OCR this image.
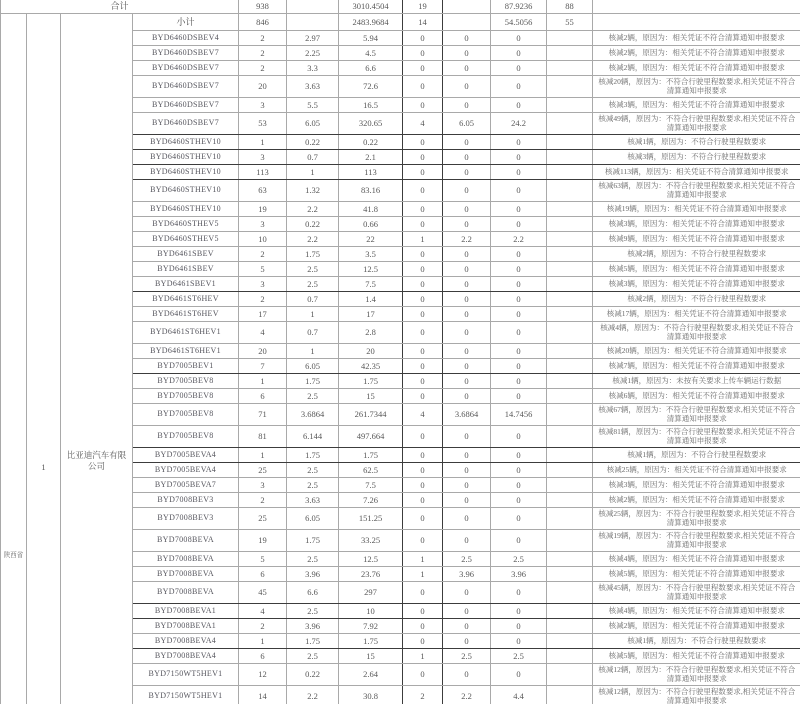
合计				938		3010.4504	19		87.9236	88	

陕西省	1	比亚迪汽车有限公司	小计	846		2483.9684	14		54.5056	55	
			BYD6460DSBEV4	2	2.97	5.94	0	0	0		核减2辆，原因为：相关凭证不符合清算通知申报要求
			BYD6460DSBEV7	2	2.25	4.5	0	0	0		核减2辆，原因为：相关凭证不符合清算通知申报要求
			BYD6460DSBEV7	2	3.3	6.6	0	0	0		核减2辆，原因为：相关凭证不符合清算通知申报要求
			BYD6460DSBEV7	20	3.63	72.6	0	0	0		核减20辆，原因为：不符合行驶里程数要求,相关凭证不符合清算通知申报要求
			BYD6460DSBEV7	3	5.5	16.5	0	0	0		核减3辆，原因为：相关凭证不符合清算通知申报要求
			BYD6460DSBEV7	53	6.05	320.65	4	6.05	24.2		核减49辆，原因为：不符合行驶里程数要求,相关凭证不符合清算通知申报要求
			BYD6460STHEV10	1	0.22	0.22	0	0	0		核减1辆，原因为：不符合行驶里程数要求
			BYD6460STHEV10	3	0.7	2.1	0	0	0		核减3辆，原因为：不符合行驶里程数要求
			BYD6460STHEV10	113	1	113	0	0	0		核减113辆，原因为：相关凭证不符合清算通知申报要求
			BYD6460STHEV10	63	1.32	83.16	0	0	0		核减63辆，原因为：不符合行驶里程数要求,相关凭证不符合清算通知申报要求
			BYD6460STHEV10	19	2.2	41.8	0	0	0		核减19辆，原因为：相关凭证不符合清算通知申报要求
			BYD6460STHEV5	3	0.22	0.66	0	0	0		核减3辆，原因为：相关凭证不符合清算通知申报要求
			BYD6460STHEV5	10	2.2	22	1	2.2	2.2		核减9辆，原因为：相关凭证不符合清算通知申报要求
			BYD6461SBEV	2	1.75	3.5	0	0	0		核减2辆，原因为：不符合行驶里程数要求
			BYD6461SBEV	5	2.5	12.5	0	0	0		核减5辆，原因为：相关凭证不符合清算通知申报要求
			BYD6461SBEV1	3	2.5	7.5	0	0	0		核减3辆，原因为：相关凭证不符合清算通知申报要求
			BYD6461ST6HEV	2	0.7	1.4	0	0	0		核减2辆，原因为：不符合行驶里程数要求
			BYD6461ST6HEV	17	1	17	0	0	0		核减17辆，原因为：相关凭证不符合清算通知申报要求
			BYD6461ST6HEV1	4	0.7	2.8	0	0	0		核减4辆，原因为：不符合行驶里程数要求,相关凭证不符合清算通知申报要求
			BYD6461ST6HEV1	20	1	20	0	0	0		核减20辆，原因为：相关凭证不符合清算通知申报要求
			BYD7005BEV1	7	6.05	42.35	0	0	0		核减7辆，原因为：相关凭证不符合清算通知申报要求
			BYD7005BEV8	1	1.75	1.75	0	0	0		核减1辆，原因为：未按有关要求上传车辆运行数据
			BYD7005BEV8	6	2.5	15	0	0	0		核减6辆，原因为：相关凭证不符合清算通知申报要求
			BYD7005BEV8	71	3.6864	261.7344	4	3.6864	14.7456		核减67辆，原因为：不符合行驶里程数要求,相关凭证不符合清算通知申报要求
			BYD7005BEV8	81	6.144	497.664	0	0	0		核减81辆，原因为：不符合行驶里程数要求,相关凭证不符合清算通知申报要求
			BYD7005BEVA4	1	1.75	1.75	0	0	0		核减1辆，原因为：不符合行驶里程数要求
			BYD7005BEVA4	25	2.5	62.5	0	0	0		核减25辆，原因为：相关凭证不符合清算通知申报要求
			BYD7005BEVA7	3	2.5	7.5	0	0	0		核减3辆，原因为：相关凭证不符合清算通知申报要求
			BYD7008BEV3	2	3.63	7.26	0	0	0		核减2辆，原因为：相关凭证不符合清算通知申报要求
			BYD7008BEV3	25	6.05	151.25	0	0	0		核减25辆，原因为：不符合行驶里程数要求,相关凭证不符合清算通知申报要求
			BYD7008BEVA	19	1.75	33.25	0	0	0		核减19辆，原因为：不符合行驶里程数要求,相关凭证不符合清算通知申报要求
			BYD7008BEVA	5	2.5	12.5	1	2.5	2.5		核减4辆，原因为：相关凭证不符合清算通知申报要求
			BYD7008BEVA	6	3.96	23.76	1	3.96	3.96		核减5辆，原因为：相关凭证不符合清算通知申报要求
			BYD7008BEVA	45	6.6	297	0	0	0		核减45辆，原因为：不符合行驶里程数要求,相关凭证不符合清算通知申报要求
			BYD7008BEVA1	4	2.5	10	0	0	0		核减4辆，原因为：相关凭证不符合清算通知申报要求
			BYD7008BEVA1	2	3.96	7.92	0	0	0		核减2辆，原因为：相关凭证不符合清算通知申报要求
			BYD7008BEVA4	1	1.75	1.75	0	0	0		核减1辆，原因为：不符合行驶里程数要求
			BYD7008BEVA4	6	2.5	15	1	2.5	2.5		核减5辆，原因为：相关凭证不符合清算通知申报要求
			BYD7150WT5HEV1	12	0.22	2.64	0	0	0		核减12辆，原因为：不符合行驶里程数要求,相关凭证不符合清算通知申报要求
			BYD7150WT5HEV1	14	2.2	30.8	2	2.2	4.4		核减12辆，原因为：不符合行驶里程数要求,相关凭证不符合清算通知申报要求
